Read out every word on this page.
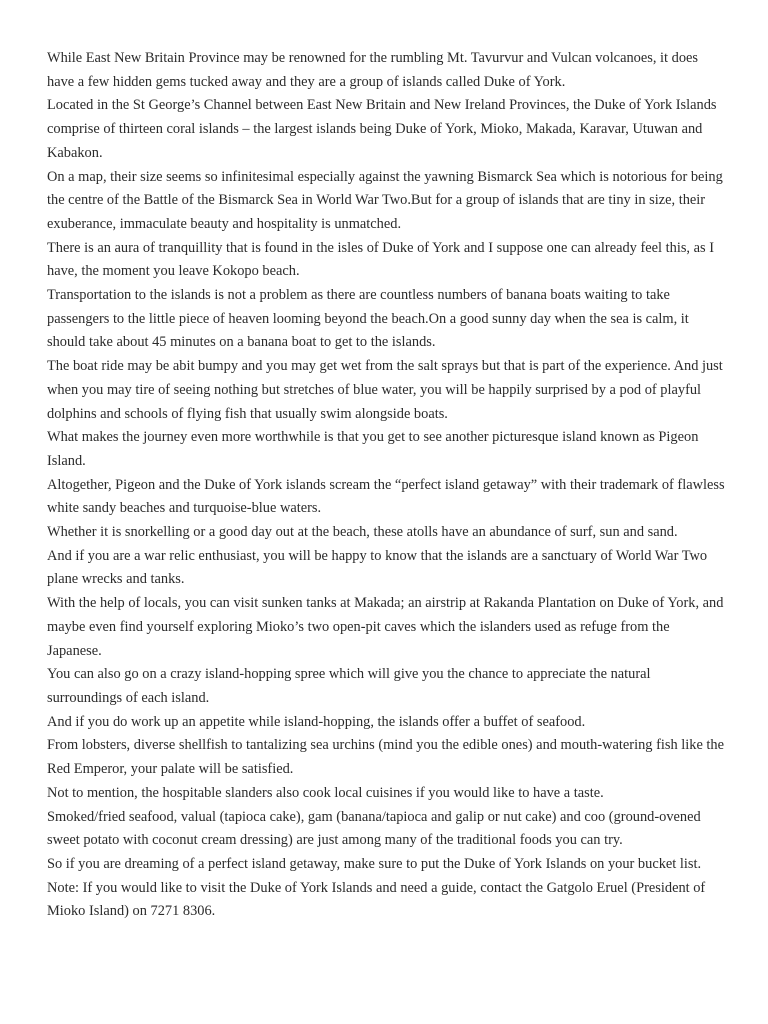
While East New Britain Province may be renowned for the rumbling Mt. Tavurvur and Vulcan volcanoes, it does have a few hidden gems tucked away and they are a group of islands called Duke of York.

Located in the St George’s Channel between East New Britain and New Ireland Provinces, the Duke of York Islands comprise of thirteen coral islands – the largest islands being Duke of York, Mioko, Makada, Karavar, Utuwan and Kabakon.

On a map, their size seems so infinitesimal especially against the yawning Bismarck Sea which is notorious for being the centre of the Battle of the Bismarck Sea in World War Two.But for a group of islands that are tiny in size, their exuberance, immaculate beauty and hospitality is unmatched.

There is an aura of tranquillity that is found in the isles of Duke of York and I suppose one can already feel this, as I have, the moment you leave Kokopo beach.

Transportation to the islands is not a problem as there are countless numbers of banana boats waiting to take passengers to the little piece of heaven looming beyond the beach.On a good sunny day when the sea is calm, it should take about 45 minutes on a banana boat to get to the islands.

The boat ride may be abit bumpy and you may get wet from the salt sprays but that is part of the experience. And just when you may tire of seeing nothing but stretches of blue water, you will be happily surprised by a pod of playful dolphins and schools of flying fish that usually swim alongside boats.

What makes the journey even more worthwhile is that you get to see another picturesque island known as Pigeon Island.

Altogether, Pigeon and the Duke of York islands scream the “perfect island getaway” with their trademark of flawless white sandy beaches and turquoise-blue waters.

Whether it is snorkelling or a good day out at the beach, these atolls have an abundance of surf, sun and sand.

And if you are a war relic enthusiast, you will be happy to know that the islands are a sanctuary of World War Two plane wrecks and tanks.

With the help of locals, you can visit sunken tanks at Makada; an airstrip at Rakanda Plantation on Duke of York, and maybe even find yourself exploring Mioko’s two open-pit caves which the islanders used as refuge from the Japanese.

You can also go on a crazy island-hopping spree which will give you the chance to appreciate the natural surroundings of each island.

And if you do work up an appetite while island-hopping, the islands offer a buffet of seafood.

From lobsters, diverse shellfish to tantalizing sea urchins (mind you the edible ones) and mouth-watering fish like the Red Emperor, your palate will be satisfied.

Not to mention, the hospitable slanders also cook local cuisines if you would like to have a taste.

Smoked/fried seafood, valual (tapioca cake), gam (banana/tapioca and galip or nut cake) and coo (ground-ovened sweet potato with coconut cream dressing) are just among many of the traditional foods you can try.

So if you are dreaming of a perfect island getaway, make sure to put the Duke of York Islands on your bucket list.

Note: If you would like to visit the Duke of York Islands and need a guide, contact the Gatgolo Eruel (President of Mioko Island) on 7271 8306.
